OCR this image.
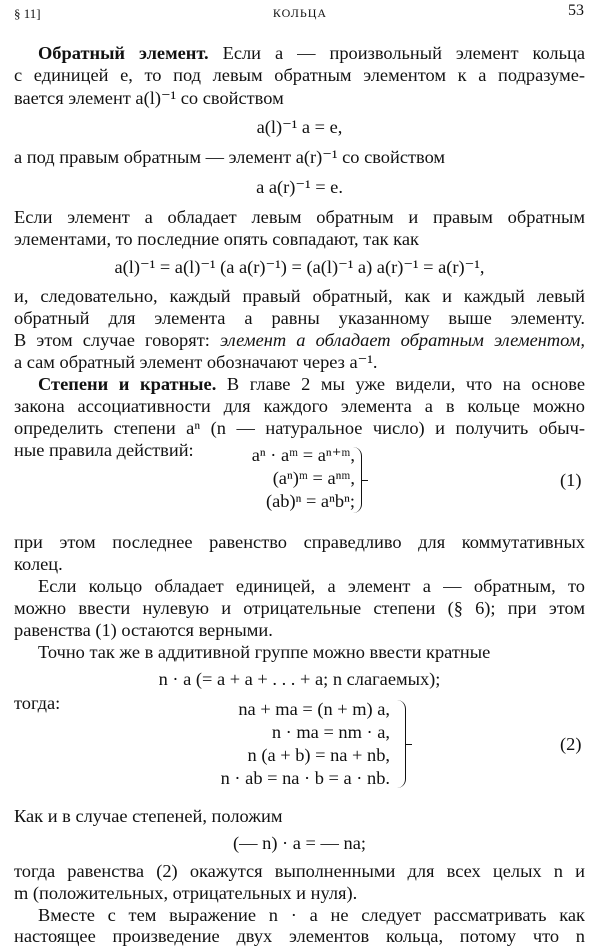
§ 11]	КОЛЬЦА	53
Обратный элемент. Если a — произвольный элемент кольца
с единицей e, то под левым обратным элементом к a подразуме-
вается элемент a(l)⁻¹ со свойством
a(l)⁻¹ a = e,
а под правым обратным — элемент a(r)⁻¹ со свойством
a a(r)⁻¹ = e.
Если элемент a обладает левым обратным и правым обратным
элементами, то последние опять совпадают, так как
a(l)⁻¹ = a(l)⁻¹ (a a(r)⁻¹) = (a(l)⁻¹ a) a(r)⁻¹ = a(r)⁻¹,
и, следовательно, каждый правый обратный, как и каждый левый
обратный для элемента a равны указанному выше элементу.
В этом случае говорят: элемент a обладает обратным элементом,
а сам обратный элемент обозначают через a⁻¹.
Степени и кратные. В главе 2 мы уже видели, что на основе
закона ассоциативности для каждого элемента a в кольце можно
определить степени aⁿ (n — натуральное число) и получить обыч-
ные правила действий:	aⁿ · aᵐ = aⁿ⁺ᵐ,
(aⁿ)ᵐ = aⁿᵐ,
(ab)ⁿ = aⁿbⁿ;
(1)
при этом последнее равенство справедливо для коммутативных
колец.
Если кольцо обладает единицей, а элемент a — обратным, то
можно ввести нулевую и отрицательные степени (§ 6); при этом
равенства (1) остаются верными.
Точно так же в аддитивной группе можно ввести кратные
n · a (= a + a + . . . + a; n слагаемых);
тогда:	na + ma = (n + m) a,
n · ma = nm · a,
n (a + b) = na + nb,
n · ab = na · b = a · nb.
(2)
Как и в случае степеней, положим
(— n) · a = — na;
тогда равенства (2) окажутся выполненными для всех целых n и
m (положительных, отрицательных и нуля).
Вместе с тем выражение n · a не следует рассматривать как
настоящее произведение двух элементов кольца, потому что n
